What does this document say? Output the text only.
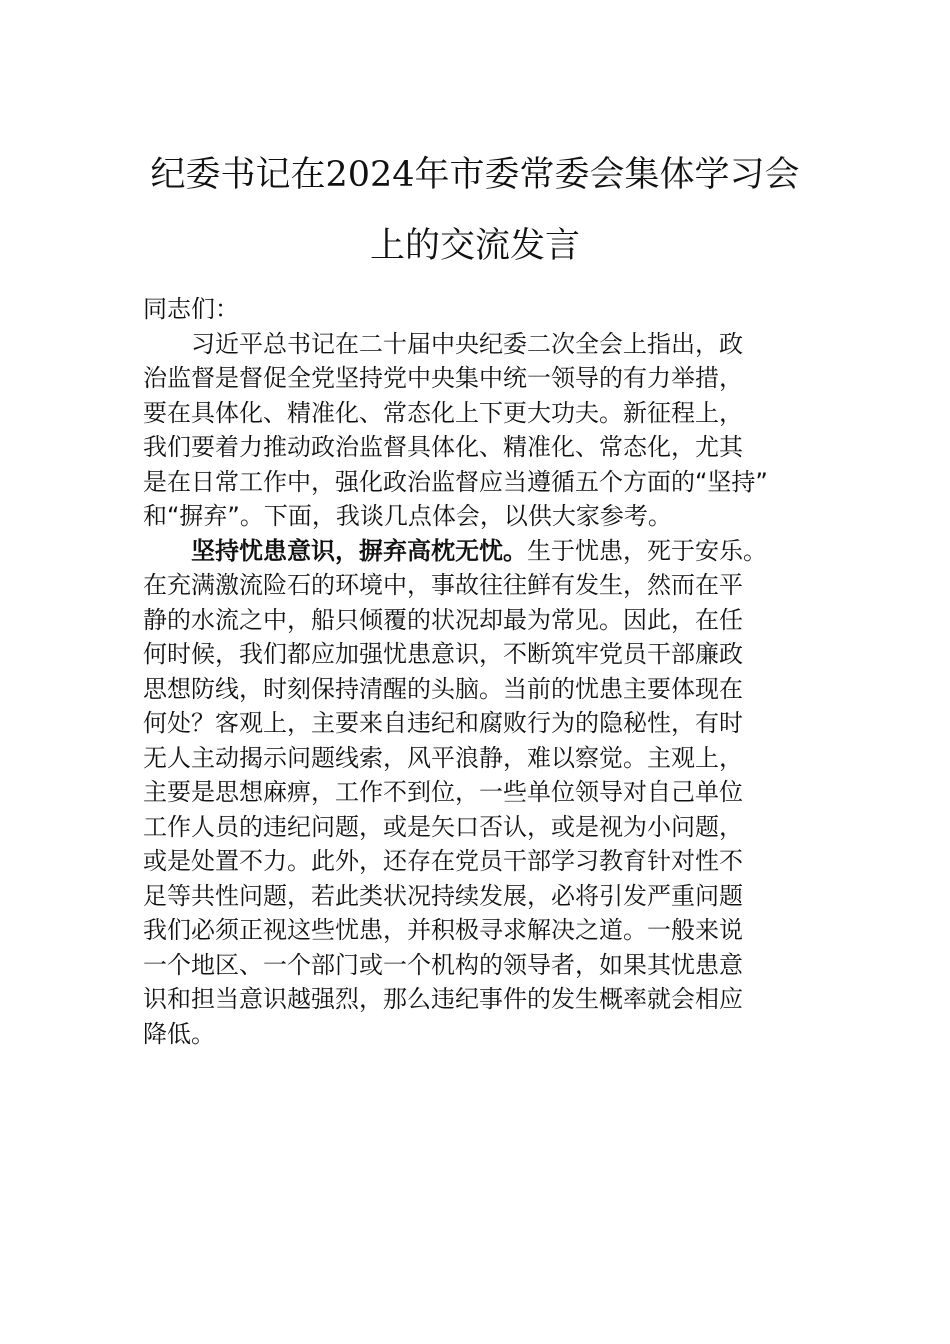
纪委书记在2024年市委常委会集体学习会
上的交流发言
同志们：
习近平总书记在二十届中央纪委二次全会上指出，政
治监督是督促全党坚持党中央集中统一领导的有力举措，
要在具体化、精准化、常态化上下更大功夫。新征程上，
我们要着力推动政治监督具体化、精准化、常态化，尤其
是在日常工作中，强化政治监督应当遵循五个方面的“坚持”
和“摒弃”。下面，我谈几点体会，以供大家参考。
坚持忧患意识，摒弃高枕无忧。生于忧患，死于安乐。
在充满激流险石的环境中，事故往往鲜有发生，然而在平
静的水流之中，船只倾覆的状况却最为常见。因此，在任
何时候，我们都应加强忧患意识，不断筑牢党员干部廉政
思想防线，时刻保持清醒的头脑。当前的忧患主要体现在
何处？客观上，主要来自违纪和腐败行为的隐秘性，有时
无人主动揭示问题线索，风平浪静，难以察觉。主观上，
主要是思想麻痹，工作不到位，一些单位领导对自己单位
工作人员的违纪问题，或是矢口否认，或是视为小问题，
或是处置不力。此外，还存在党员干部学习教育针对性不
足等共性问题，若此类状况持续发展，必将引发严重问题
我们必须正视这些忧患，并积极寻求解决之道。一般来说
一个地区、一个部门或一个机构的领导者，如果其忧患意
识和担当意识越强烈，那么违纪事件的发生概率就会相应
降低。
